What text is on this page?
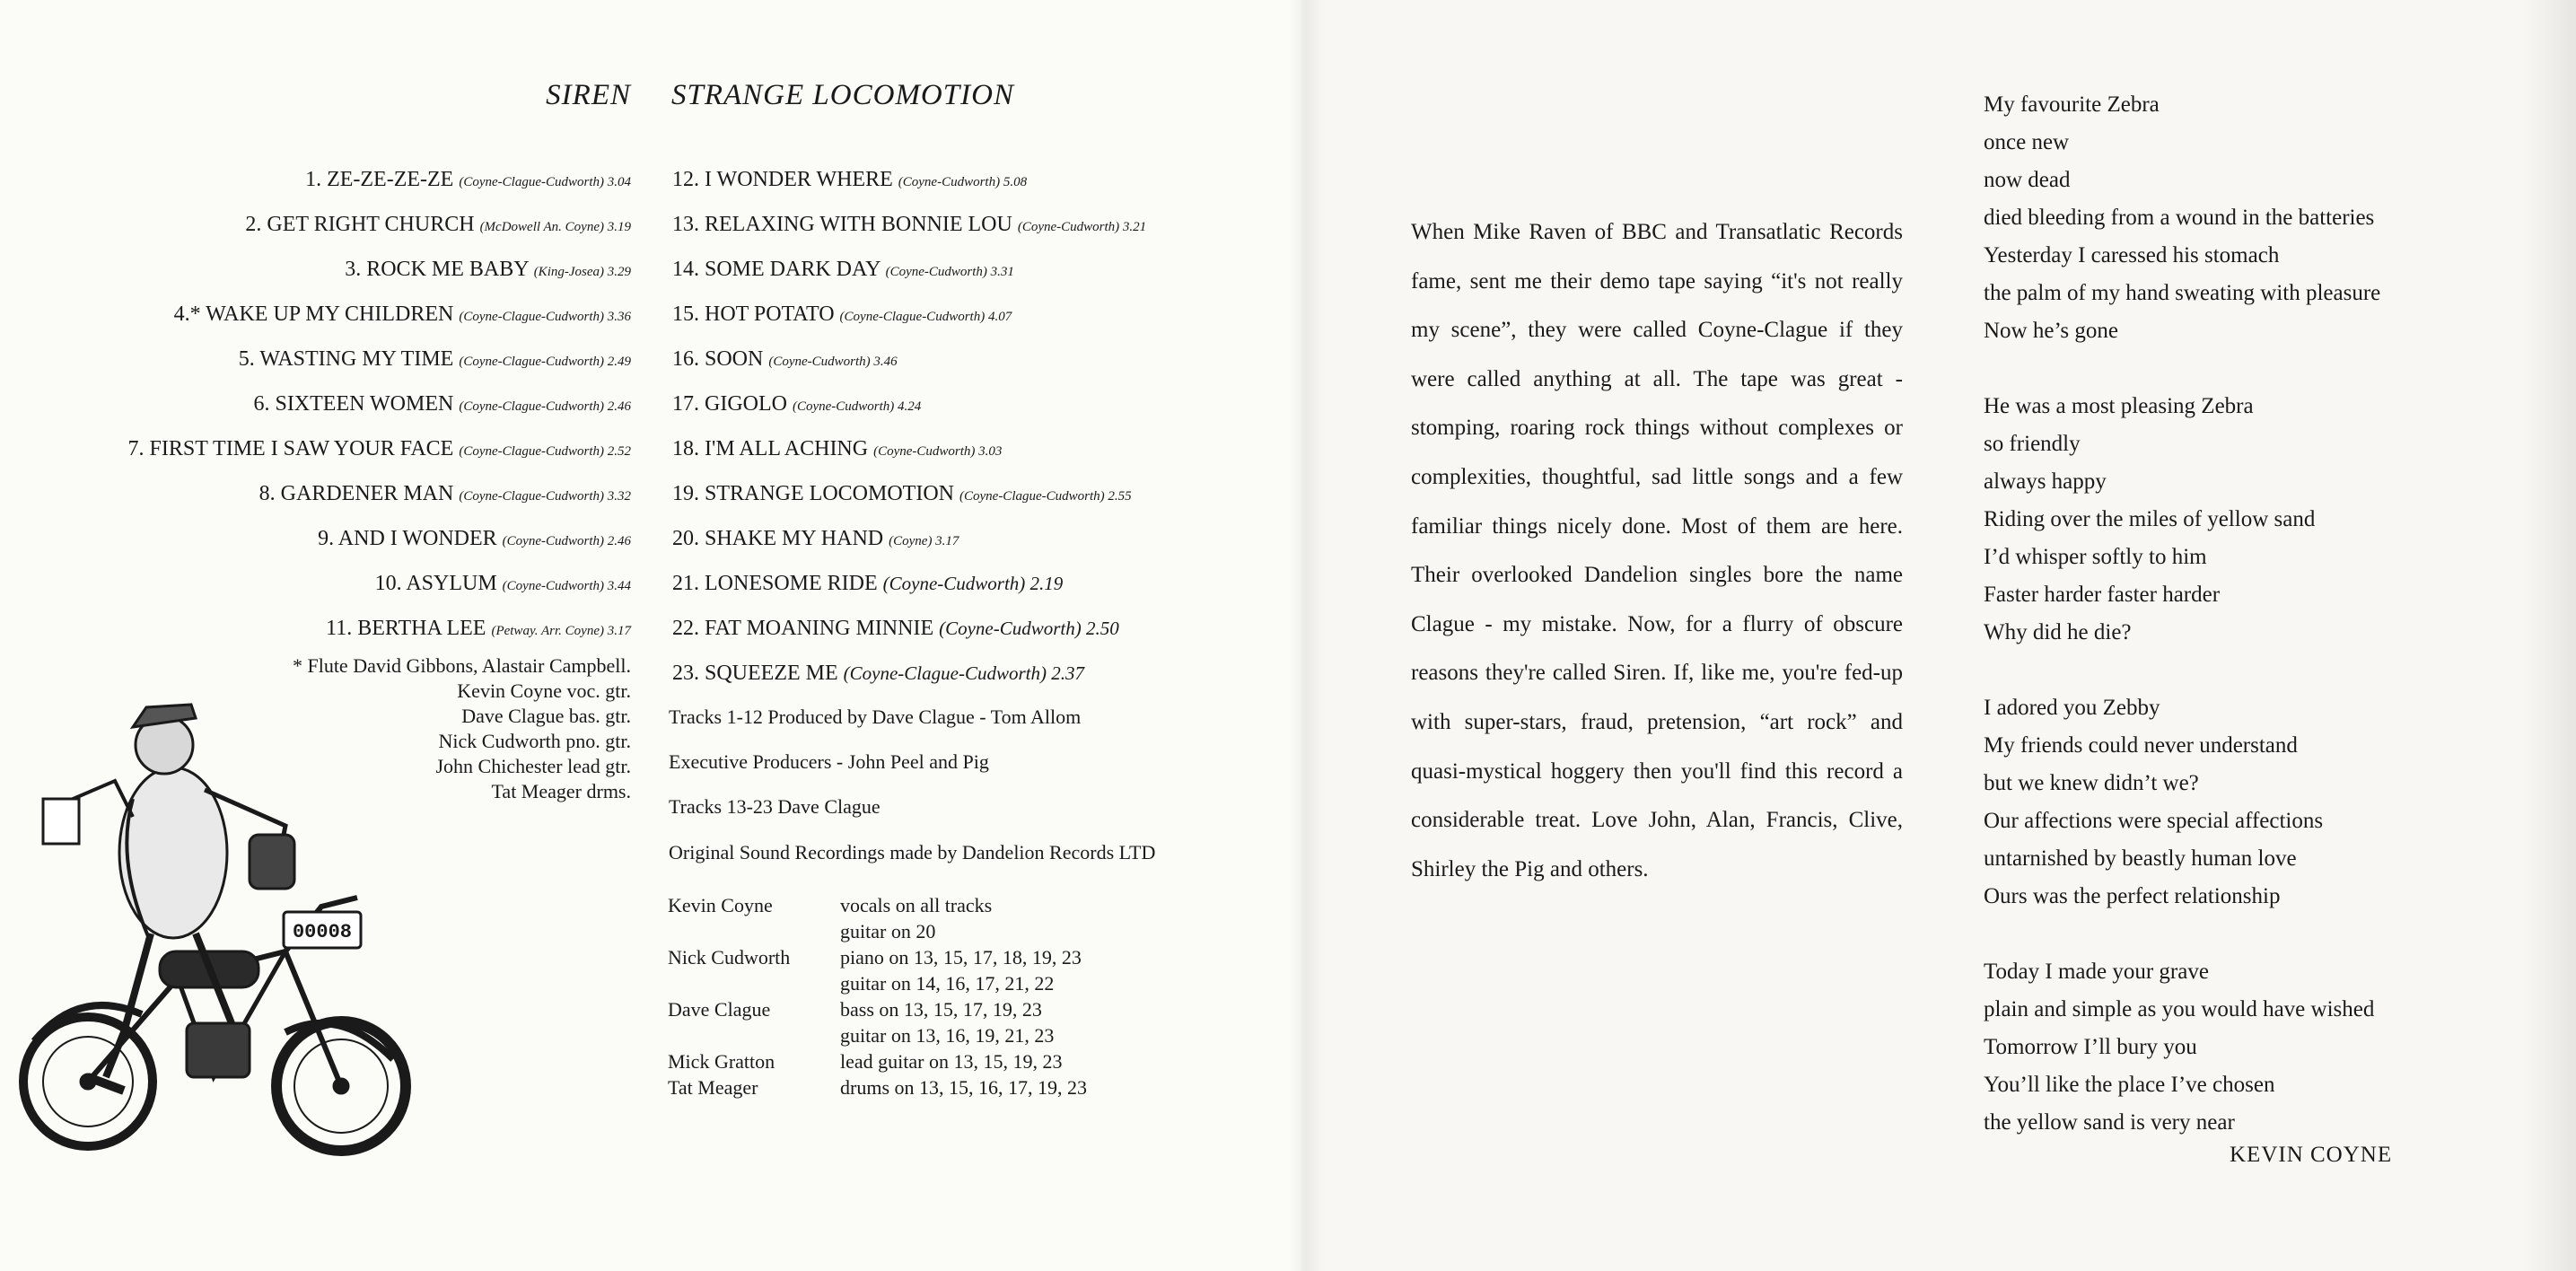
SIREN STRANGE LOCOMOTION
1. ZE-ZE-ZE-ZE (Coyne-Clague-Cudworth) 3.04
2. GET RIGHT CHURCH (McDowell An. Coyne) 3.19
3. ROCK ME BABY (King-Josea) 3.29
4.* WAKE UP MY CHILDREN (Coyne-Clague-Cudworth) 3.36
5. WASTING MY TIME (Coyne-Clague-Cudworth) 2.49
6. SIXTEEN WOMEN (Coyne-Clague-Cudworth) 2.46
7. FIRST TIME I SAW YOUR FACE (Coyne-Clague-Cudworth) 2.52
8. GARDENER MAN (Coyne-Clague-Cudworth) 3.32
9. AND I WONDER (Coyne-Cudworth) 2.46
10. ASYLUM (Coyne-Cudworth) 3.44
11. BERTHA LEE (Petway. Arr. Coyne) 3.17
* Flute David Gibbons, Alastair Campbell.
Kevin Coyne voc. gtr.
Dave Clague bas. gtr.
Nick Cudworth pno. gtr.
John Chichester lead gtr.
Tat Meager drms.
00008
12. I WONDER WHERE (Coyne-Cudworth) 5.08
13. RELAXING WITH BONNIE LOU (Coyne-Cudworth) 3.21
14. SOME DARK DAY (Coyne-Cudworth) 3.31
15. HOT POTATO (Coyne-Clague-Cudworth) 4.07
16. SOON (Coyne-Cudworth) 3.46
17. GIGOLO (Coyne-Cudworth) 4.24
18. I'M ALL ACHING (Coyne-Cudworth) 3.03
19. STRANGE LOCOMOTION (Coyne-Clague-Cudworth) 2.55
20. SHAKE MY HAND (Coyne) 3.17
21. LONESOME RIDE (Coyne-Cudworth) 2.19
22. FAT MOANING MINNIE (Coyne-Cudworth) 2.50
23. SQUEEZE ME (Coyne-Clague-Cudworth) 2.37
Tracks 1-12 Produced by Dave Clague - Tom Allom
Executive Producers - John Peel and Pig
Tracks 13-23 Dave Clague
Original Sound Recordings made by Dandelion Records LTD
Kevin Coyne	vocals on all tracks
guitar on 20

Nick Cudworth	piano on 13, 15, 17, 18, 19, 23
guitar on 14, 16, 17, 21, 22

Dave Clague	bass on 13, 15, 17, 19, 23
guitar on 13, 16, 19, 21, 23

Mick Gratton	lead guitar on 13, 15, 19, 23

Tat Meager	drums on 13, 15, 16, 17, 19, 23
When Mike Raven of BBC and Transatlatic Records fame, sent me their demo tape saying “it's not really my scene”, they were called Coyne-Clague if they were called anything at all. The tape was great - stomping, roaring rock things without complexes or complexities, thoughtful, sad little songs and a few familiar things nicely done. Most of them are here. Their overlooked Dandelion singles bore the name Clague - my mistake. Now, for a flurry of obscure reasons they're called Siren. If, like me, you're fed-up with super-stars, fraud, pretension, “art rock” and quasi-mystical hoggery then you'll find this record a considerable treat. Love John, Alan, Francis, Clive, Shirley the Pig and others.
My favourite Zebra
once new
now dead
died bleeding from a wound in the batteries
Yesterday I caressed his stomach
the palm of my hand sweating with pleasure
Now he’s gone
He was a most pleasing Zebra
so friendly
always happy
Riding over the miles of yellow sand
I’d whisper softly to him
Faster harder faster harder
Why did he die?
I adored you Zebby
My friends could never understand
but we knew didn’t we?
Our affections were special affections
untarnished by beastly human love
Ours was the perfect relationship
Today I made your grave
plain and simple as you would have wished
Tomorrow I’ll bury you
You’ll like the place I’ve chosen
the yellow sand is very near
KEVIN COYNE
